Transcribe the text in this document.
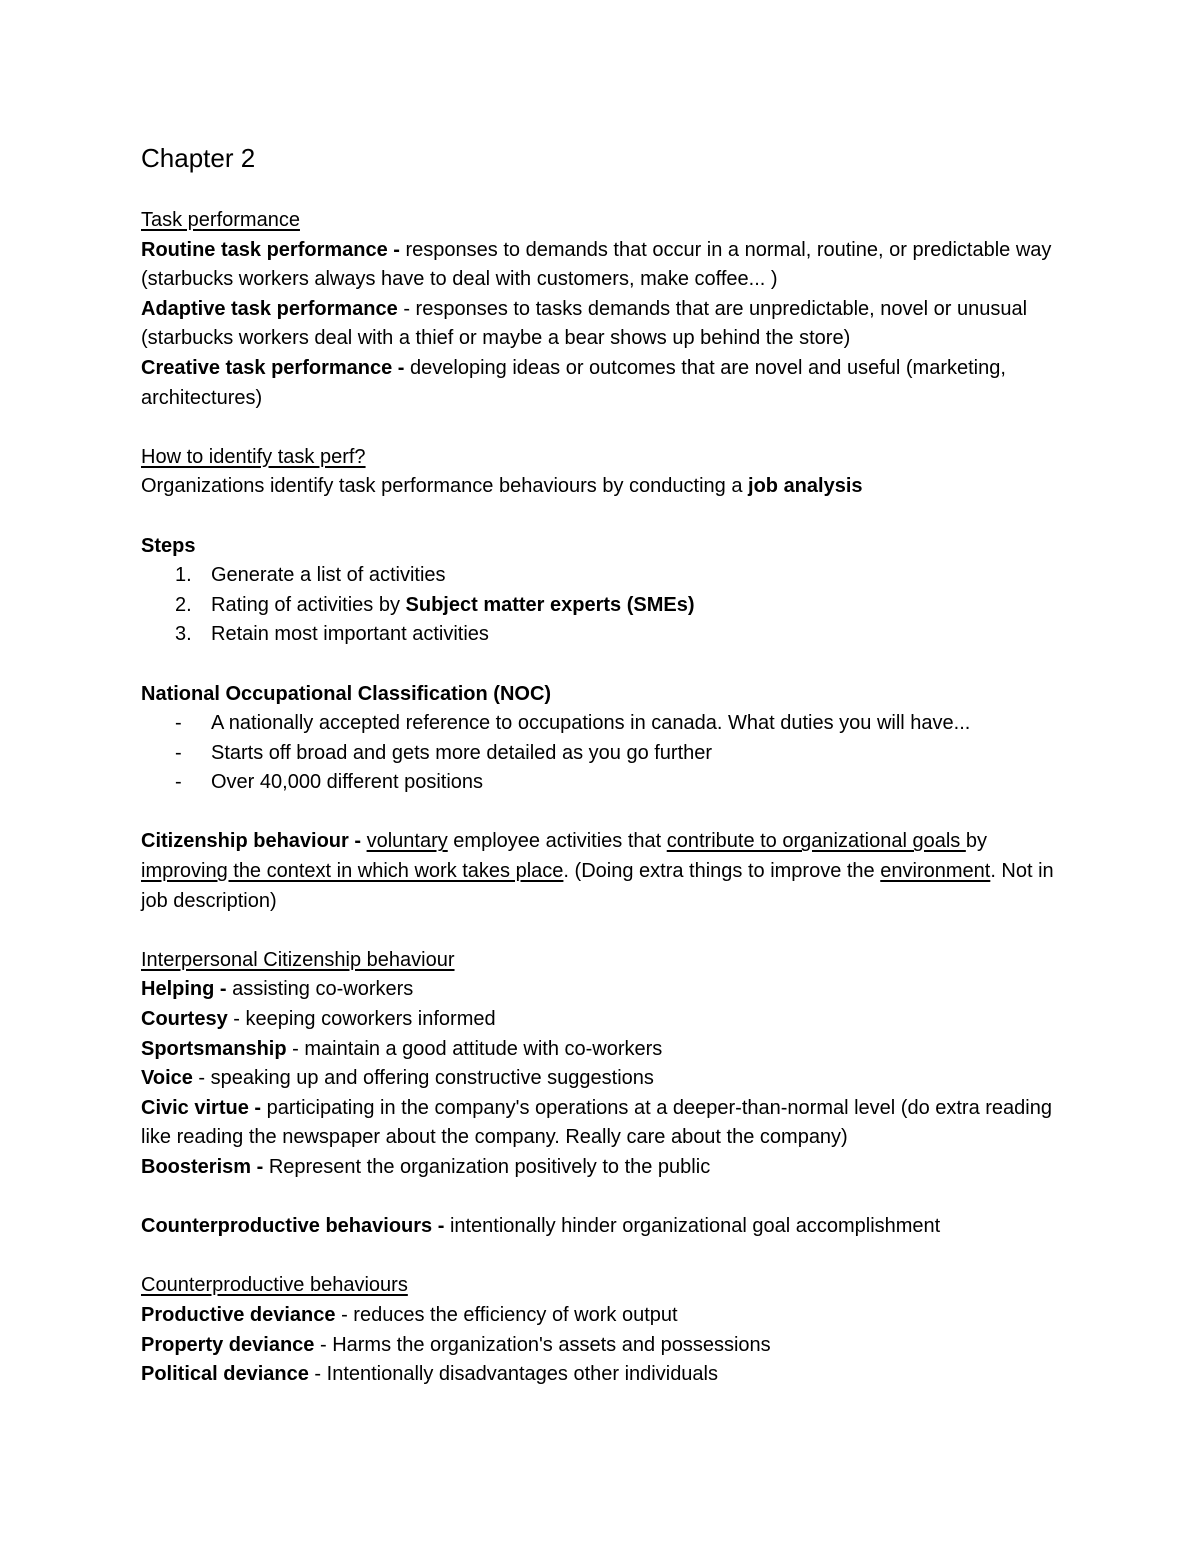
Chapter 2

Task performance

Routine task performance - responses to demands that occur in a normal, routine, or predictable way (starbucks workers always have to deal with customers, make coffee... )

Adaptive task performance - responses to tasks demands that are unpredictable, novel or unusual (starbucks workers deal with a thief or maybe a bear shows up behind the store)

Creative task performance - developing ideas or outcomes that are novel and useful (marketing, architectures)

How to identify task perf?

Organizations identify task performance behaviours by conducting a job analysis

Steps

1. Generate a list of activities
2. Rating of activities by Subject matter experts (SMEs)
3. Retain most important activities

National Occupational Classification (NOC)

- A nationally accepted reference to occupations in canada. What duties you will have...
- Starts off broad and gets more detailed as you go further
- Over 40,000 different positions

Citizenship behaviour - voluntary employee activities that contribute to organizational goals by improving the context in which work takes place. (Doing extra things to improve the environment. Not in job description)

Interpersonal Citizenship behaviour

Helping - assisting co-workers

Courtesy - keeping coworkers informed

Sportsmanship - maintain a good attitude with co-workers

Voice - speaking up and offering constructive suggestions

Civic virtue - participating in the company's operations at a deeper-than-normal level (do extra reading like reading the newspaper about the company. Really care about the company)

Boosterism - Represent the organization positively to the public

Counterproductive behaviours - intentionally hinder organizational goal accomplishment

Counterproductive behaviours

Productive deviance - reduces the efficiency of work output

Property deviance - Harms the organization's assets and possessions

Political deviance - Intentionally disadvantages other individuals
